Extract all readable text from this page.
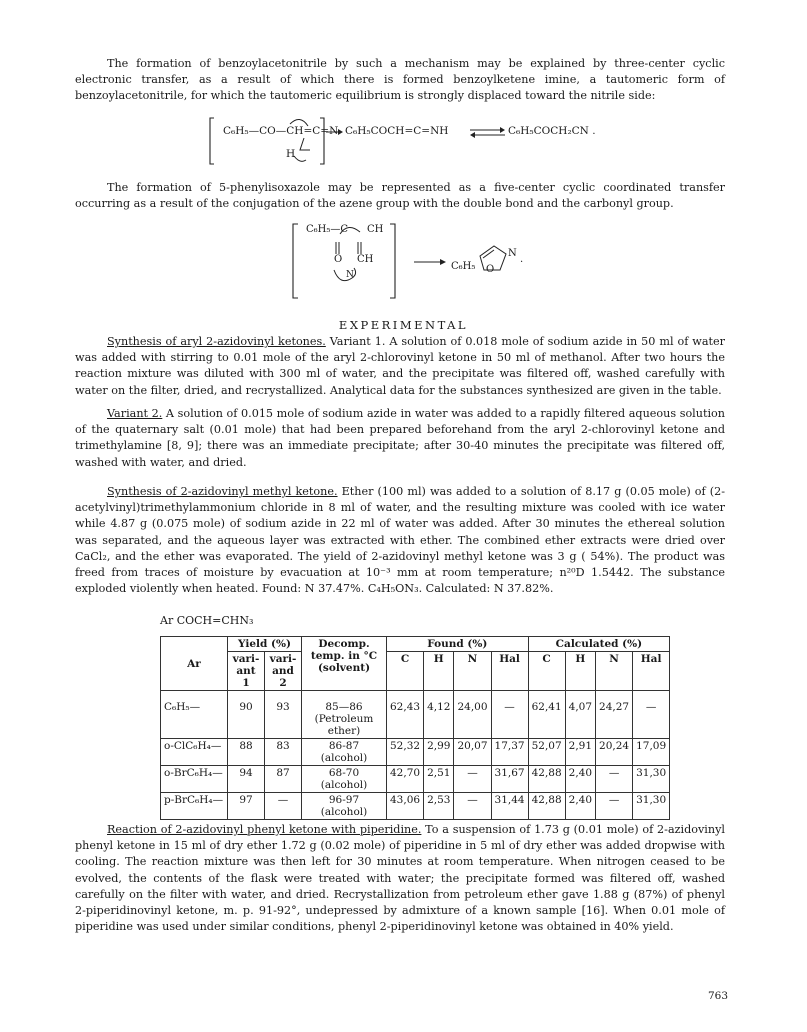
The formation of benzoylacetonitrile by such a mechanism may be explained by three-center cyclic electronic transfer, as a result of which there is formed benzoylketene imine, a tautomeric form of benzoylacetonitrile, for which the tautomeric equilibrium is strongly displaced toward the nitrile side:

C₆H₅—CO—CH=C=N
H
C₆H₅COCH=C=NH	C₆H₅COCH₂CN .

The formation of 5-phenylisoxazole may be represented as a five-center cyclic coordinated transfer occurring as a result of the conjugation of the azene group with the double bond and the carbonyl group.

C₆H₅—C CH
O CH
N
N
C₆H₅ O
.
EXPERIMENTAL

Synthesis of aryl 2-azidovinyl ketones. Variant 1. A solution of 0.018 mole of sodium azide in 50 ml of water was added with stirring to 0.01 mole of the aryl 2-chlorovinyl ketone in 50 ml of methanol. After two hours the reaction mixture was diluted with 300 ml of water, and the precipitate was filtered off, washed carefully with water on the filter, dried, and recrystallized. Analytical data for the substances synthesized are given in the table.

Variant 2. A solution of 0.015 mole of sodium azide in water was added to a rapidly filtered aqueous solution of the quaternary salt (0.01 mole) that had been prepared beforehand from the aryl 2-chlorovinyl ketone and trimethylamine [8, 9]; there was an immediate precipitate; after 30-40 minutes the precipitate was filtered off, washed with water, and dried.

Synthesis of 2-azidovinyl methyl ketone. Ether (100 ml) was added to a solution of 8.17 g (0.05 mole) of (2-acetylvinyl)trimethylammonium chloride in 8 ml of water, and the resulting mixture was cooled with ice water while 4.87 g (0.075 mole) of sodium azide in 22 ml of water was added. After 30 minutes the ethereal solution was separated, and the aqueous layer was extracted with ether. The combined ether extracts were dried over CaCl₂, and the ether was evaporated. The yield of 2-azidovinyl methyl ketone was 3 g ( 54%). The product was freed from traces of moisture by evacuation at 10⁻³ mm at room temperature; n²⁰D 1.5442. The substance exploded violently when heated. Found: N 37.47%. C₄H₅ON₃. Calculated: N 37.82%.

Ar COCH=CHN₃
Ar	Yield (%)		Decomp. temp. in °C (solvent)	Found (%)				Calculated (%)			
	vari-ant 1	vari-and 2		C	H	N	Hal	C	H	N	Hal
C₆H₅—	90	93	85—86 (Petroleum ether)	62,43	4,12	24,00	—	62,41	4,07	24,27	—
o-ClC₆H₄—	88	83	86-87 (alcohol)	52,32	2,99	20,07	17,37	52,07	2,91	20,24	17,09
o-BrC₆H₄—	94	87	68-70 (alcohol)	42,70	2,51	—	31,67	42,88	2,40	—	31,30
p-BrC₆H₄—	97	—	96-97 (alcohol)	43,06	2,53	—	31,44	42,88	2,40	—	31,30

Reaction of 2-azidovinyl phenyl ketone with piperidine. To a suspension of 1.73 g (0.01 mole) of 2-azidovinyl phenyl ketone in 15 ml of dry ether 1.72 g (0.02 mole) of piperidine in 5 ml of dry ether was added dropwise with cooling. The reaction mixture was then left for 30 minutes at room temperature. When nitrogen ceased to be evolved, the contents of the flask were treated with water; the precipitate formed was filtered off, washed carefully on the filter with water, and dried. Recrystallization from petroleum ether gave 1.88 g (87%) of phenyl 2-piperidinovinyl ketone, m. p. 91-92°, undepressed by admixture of a known sample [16]. When 0.01 mole of piperidine was used under similar conditions, phenyl 2-piperidinovinyl ketone was obtained in 40% yield.

763
